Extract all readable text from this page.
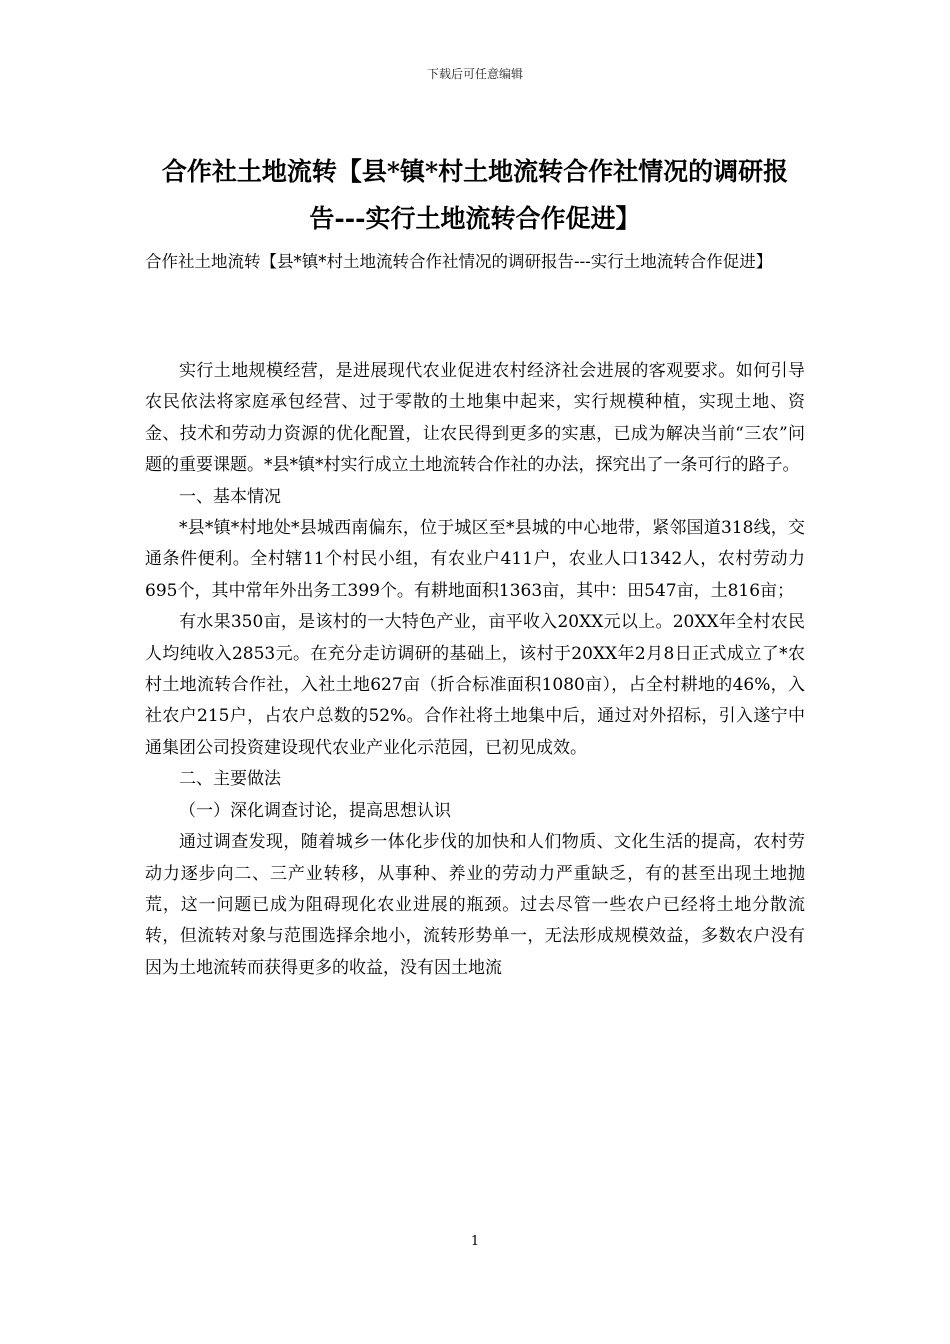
下载后可任意编辑
合作社土地流转【县*镇*村土地流转合作社情况的调研报告---实行土地流转合作促进】
合作社土地流转【县*镇*村土地流转合作社情况的调研报告---实行土地流转合作促进】

实行土地规模经营，是进展现代农业促进农村经济社会进展的客观要求。如何引导农民依法将家庭承包经营、过于零散的土地集中起来，实行规模种植，实现土地、资金、技术和劳动力资源的优化配置，让农民得到更多的实惠，已成为解决当前“三农”问题的重要课题。*县*镇*村实行成立土地流转合作社的办法，探究出了一条可行的路子。

一、基本情况

*县*镇*村地处*县城西南偏东，位于城区至*县城的中心地带，紧邻国道318线，交通条件便利。全村辖11个村民小组，有农业户411户，农业人口1342人，农村劳动力695个，其中常年外出务工399个。有耕地面积1363亩，其中：田547亩，土816亩；

有水果350亩，是该村的一大特色产业，亩平收入20XX元以上。20XX年全村农民人均纯收入2853元。在充分走访调研的基础上，该村于20XX年2月8日正式成立了*农村土地流转合作社，入社土地627亩（折合标准面积1080亩），占全村耕地的46%，入社农户215户，占农户总数的52%。合作社将土地集中后，通过对外招标，引入遂宁中通集团公司投资建设现代农业产业化示范园，已初见成效。

二、主要做法

（一）深化调查讨论，提高思想认识

通过调查发现，随着城乡一体化步伐的加快和人们物质、文化生活的提高，农村劳动力逐步向二、三产业转移，从事种、养业的劳动力严重缺乏，有的甚至出现土地抛荒，这一问题已成为阻碍现化农业进展的瓶颈。过去尽管一些农户已经将土地分散流转，但流转对象与范围选择余地小，流转形势单一，无法形成规模效益，多数农户没有因为土地流转而获得更多的收益，没有因土地流

1
